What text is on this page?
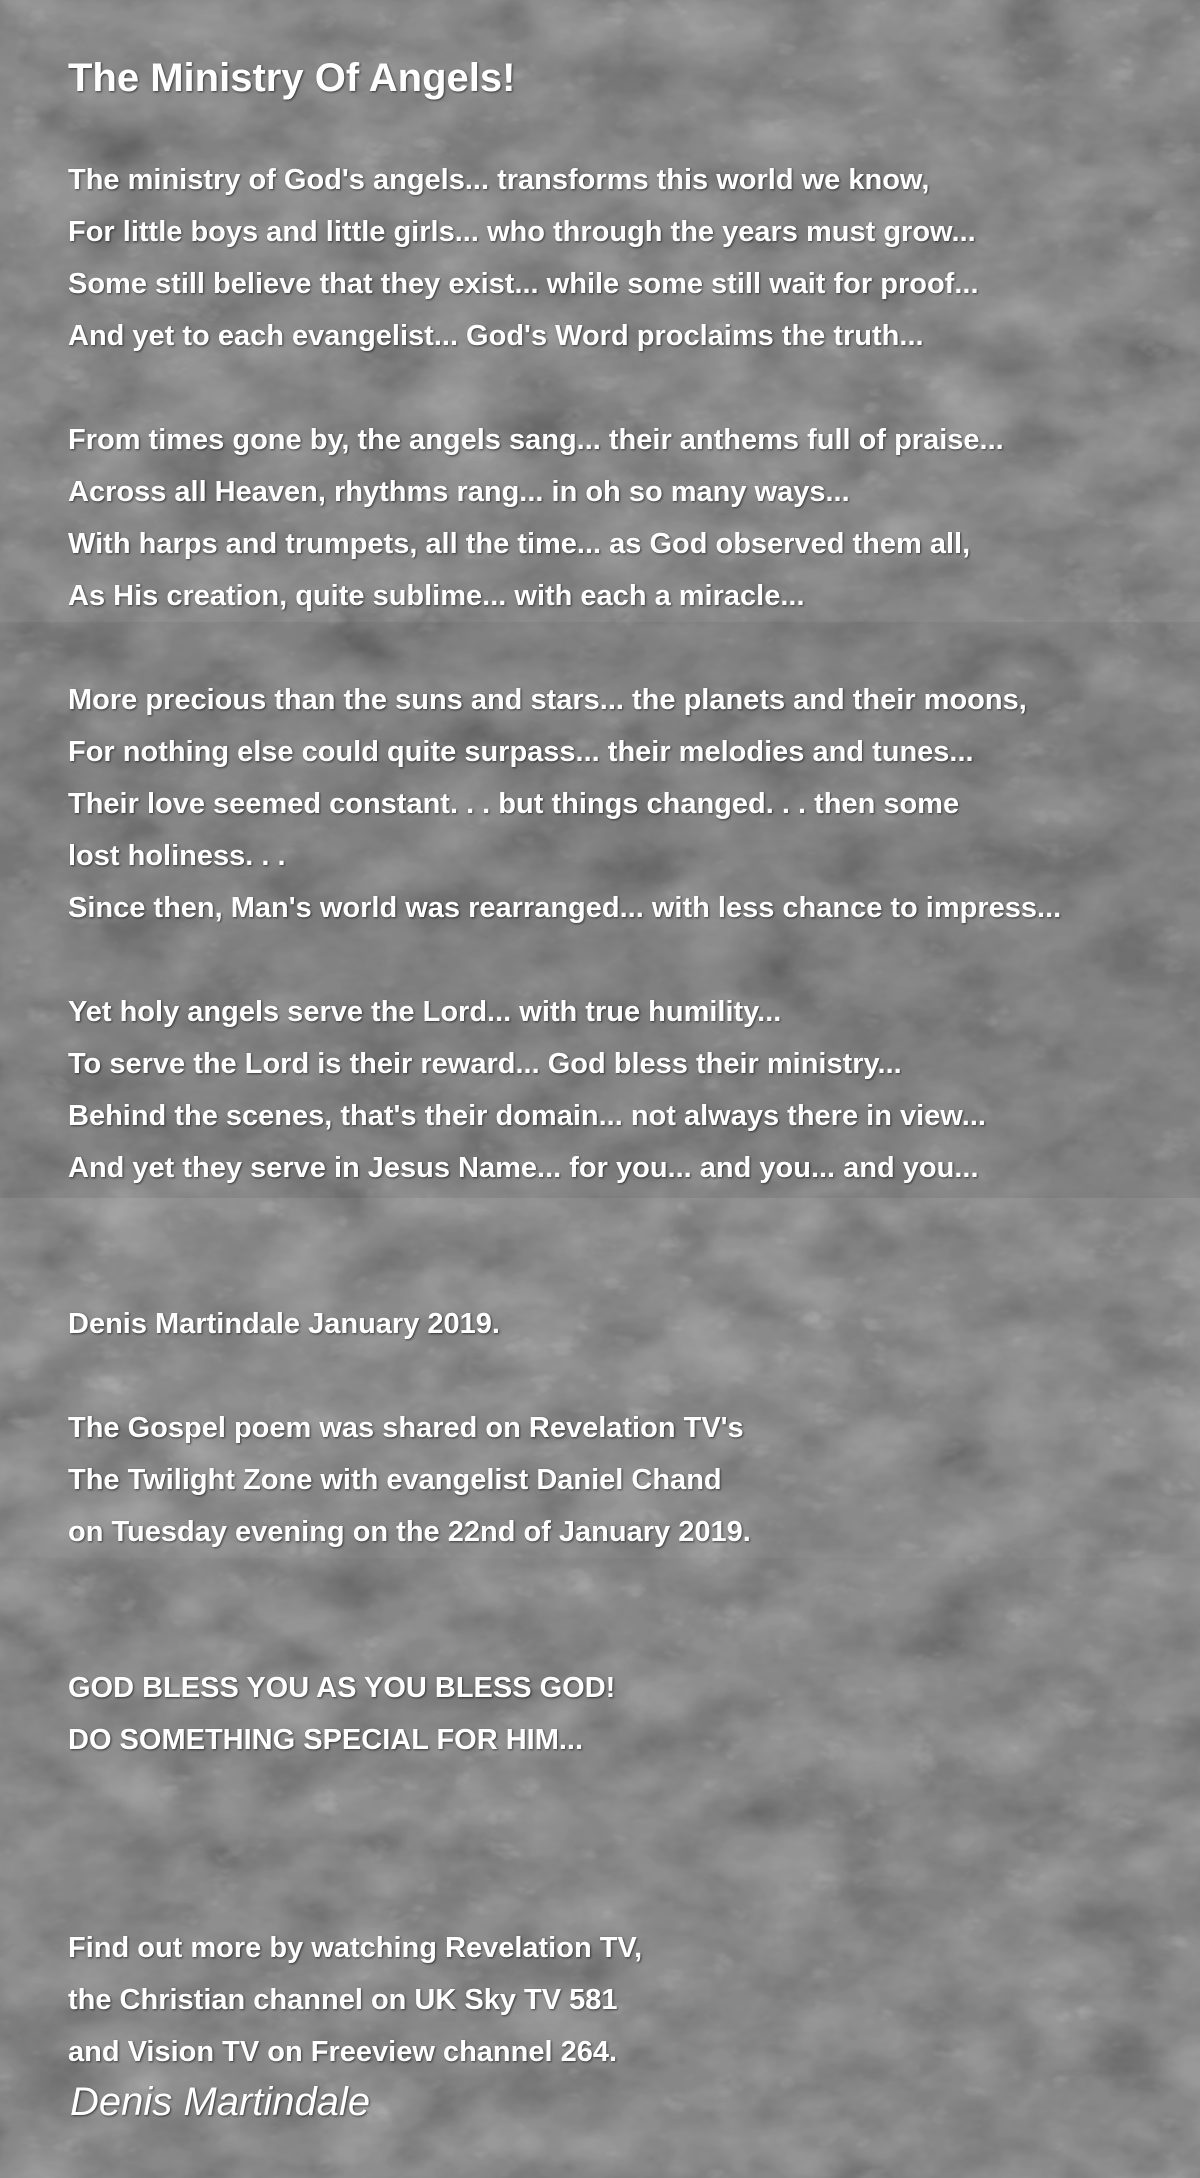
The Ministry Of Angels!
The ministry of God's angels... transforms this world we know,
For little boys and little girls... who through the years must grow...
Some still believe that they exist... while some still wait for proof...
And yet to each evangelist... God's Word proclaims the truth...
From times gone by, the angels sang... their anthems full of praise...
Across all Heaven, rhythms rang... in oh so many ways...
With harps and trumpets, all the time... as God observed them all,
As His creation, quite sublime... with each a miracle...
More precious than the suns and stars... the planets and their moons,
For nothing else could quite surpass... their melodies and tunes...
Their love seemed constant. . . but things changed. . . then some
lost holiness. . .
Since then, Man's world was rearranged... with less chance to impress...
Yet holy angels serve the Lord... with true humility...
To serve the Lord is their reward... God bless their ministry...
Behind the scenes, that's their domain... not always there in view...
And yet they serve in Jesus Name... for you... and you... and you...
Denis Martindale January 2019.
The Gospel poem was shared on Revelation TV's
The Twilight Zone with evangelist Daniel Chand
on Tuesday evening on the 22nd of January 2019.
GOD BLESS YOU AS YOU BLESS GOD!
DO SOMETHING SPECIAL FOR HIM...
Find out more by watching Revelation TV,
the Christian channel on UK Sky TV 581
and Vision TV on Freeview channel 264.
Denis Martindale
